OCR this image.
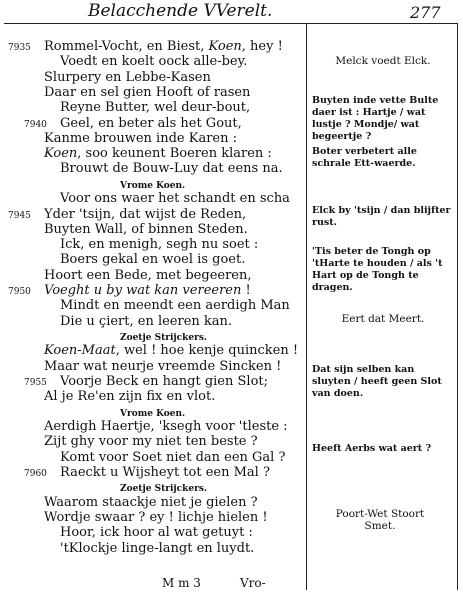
Belacchende VVerelt.	277
7935 Rommel-Vocht, en Biest, Koen, hey !
Voedt en koelt oock alle-bey.
Slurpery en Lebbe-Kasen
Daar en sel gien Hooft of rasen
Reyne Butter, wel deur-bout,
7940 Geel, en beter als het Gout,
Kanme brouwen inde Karen :
Koen, soo keunent Boeren klaren :
Brouwt de Bouw-Luy dat eens na.
Vrome Koen.
Voor ons waer het schandt en scha
7945 Yder 'tsijn, dat wijst de Reden,
Buyten Wall, of binnen Steden.
Ick, en menigh, segh nu soet :
Boers gekal en woel is goet.
Hoort een Bede, met begeeren,
7950 Voeght u by wat kan vereeren !
Mindt en meendt een aerdigh Man
Die u çiert, en leeren kan.
Zoetje Strijckers.
Koen-Maat, wel ! hoe kenje quincken !
Maar wat neurje vreemde Sincken !
7955 Voorje Beck en hangt gien Slot;
Al je Re'en zijn fix en vlot.
Vrome Koen.
Aerdigh Haertje, 'ksegh voor 'tleste :
Zijt ghy voor my niet ten beste ?
Komt voor Soet niet dan een Gal ?
7960 Raeckt u Wijsheyt tot een Mal ?
Zoetje Strijckers.
Waarom staackje niet je gielen ?
Wordje swaar ? ey ! lichje hielen !
Hoor, ick hoor al wat getuyt :
'tKlockje linge-langt en luydt.
Melck voedt Elck.
Buyten inde vette Bulte daer ist : Hartje / wat lustje ? Mondje/ wat begeertje ?
Boter verbetert alle schrale Ett-waerde.
Elck by 'tsijn / dan blijfter rust.
'Tis beter de Tongh op 'tHarte te houden / als 't Hart op de Tongh te dragen.
Eert dat Meert.
Dat sijn selben kan sluyten / heeft geen Slot van doen.
Heeft Aerbs wat aert ?
Poort-Wet Stoort Smet.
M m 3	Vro-
